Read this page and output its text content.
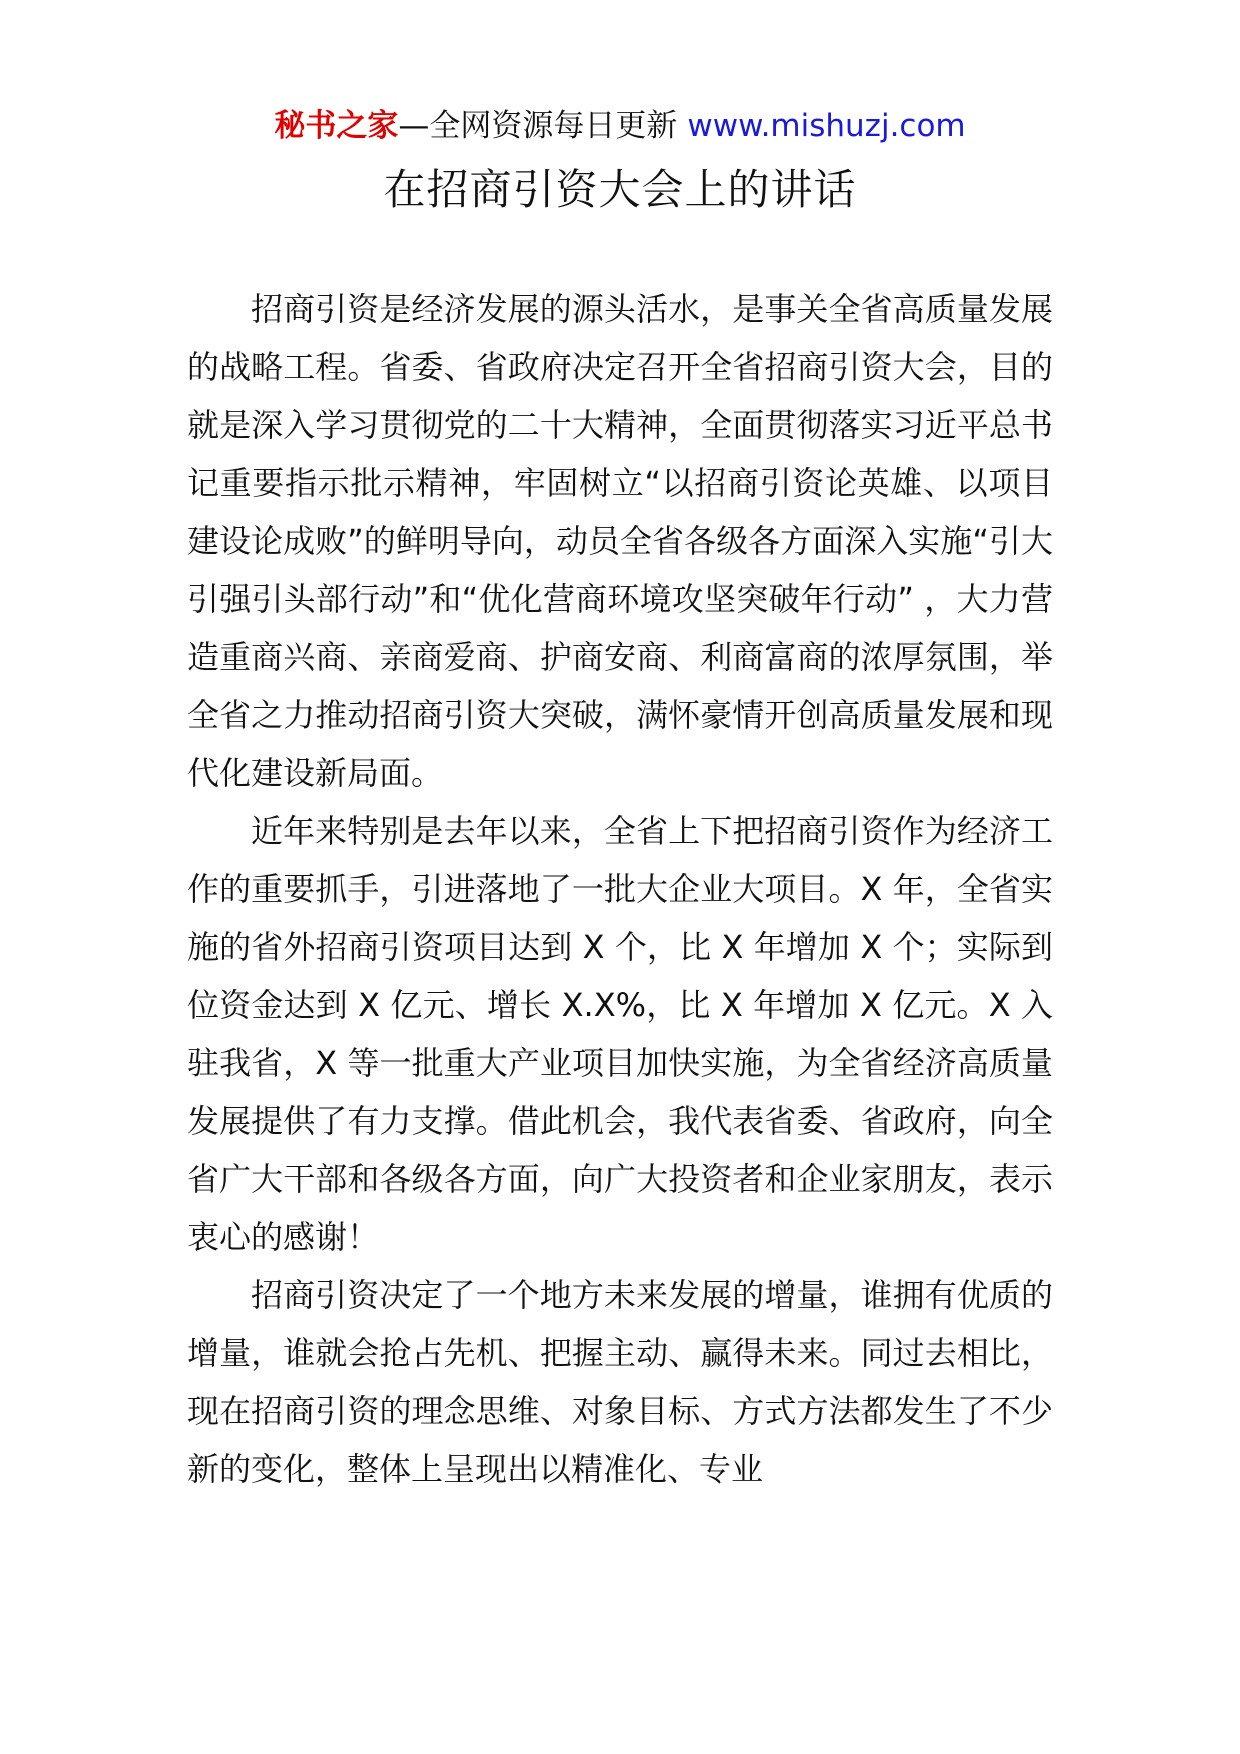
秘书之家—全网资源每日更新 www.mishuzj.com
在招商引资大会上的讲话

招商引资是经济发展的源头活水，是事关全省高质量发展的战略工程。省委、省政府决定召开全省招商引资大会，目的就是深入学习贯彻党的二十大精神，全面贯彻落实习近平总书记重要指示批示精神，牢固树立“以招商引资论英雄、以项目建设论成败”的鲜明导向，动员全省各级各方面深入实施“引大引强引头部行动”和“优化营商环境攻坚突破年行动” ，大力营造重商兴商、亲商爱商、护商安商、利商富商的浓厚氛围，举全省之力推动招商引资大突破，满怀豪情开创高质量发展和现代化建设新局面。

近年来特别是去年以来，全省上下把招商引资作为经济工作的重要抓手，引进落地了一批大企业大项目。X 年，全省实施的省外招商引资项目达到 X 个，比 X 年增加 X 个；实际到位资金达到 X 亿元、增长 X.X%，比 X 年增加 X 亿元。X 入驻我省，X 等一批重大产业项目加快实施，为全省经济高质量发展提供了有力支撑。借此机会，我代表省委、省政府，向全省广大干部和各级各方面，向广大投资者和企业家朋友，表示衷心的感谢！

招商引资决定了一个地方未来发展的增量，谁拥有优质的增量，谁就会抢占先机、把握主动、赢得未来。同过去相比，现在招商引资的理念思维、对象目标、方式方法都发生了不少新的变化，整体上呈现出以精准化、专业
